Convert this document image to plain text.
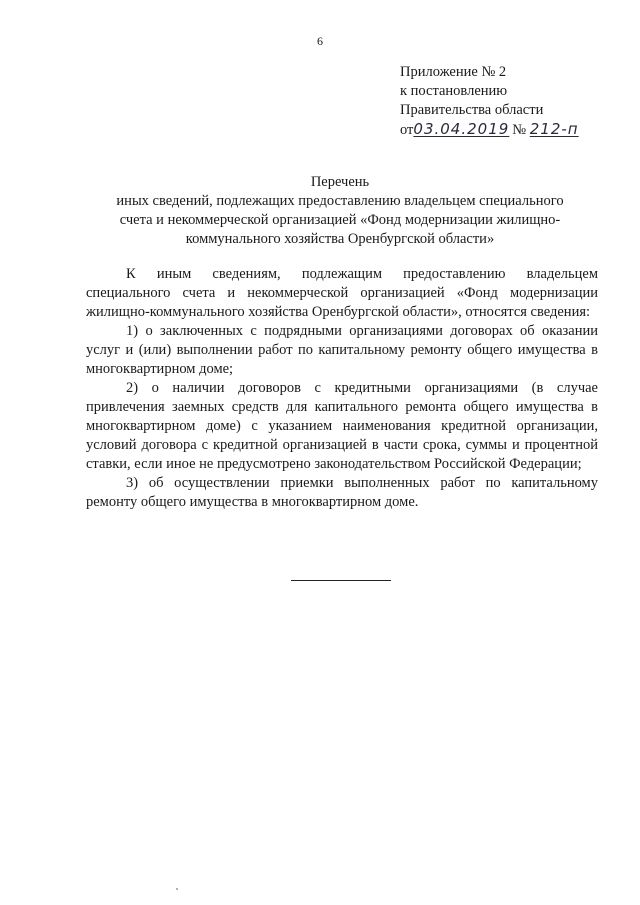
6
Приложение № 2
к постановлению
Правительства области
от03.04.2019 № 212-п
Перечень
иных сведений, подлежащих предоставлению владельцем специального
счета и некоммерческой организацией «Фонд модернизации жилищно-
коммунального хозяйства Оренбургской области»

К иным сведениям, подлежащим предоставлению владельцем специального счета и некоммерческой организацией «Фонд модернизации жилищно-коммунального хозяйства Оренбургской области», относятся сведения:

1) о заключенных с подрядными организациями договорах об оказании услуг и (или) выполнении работ по капитальному ремонту общего имущества в многоквартирном доме;

2) о наличии договоров с кредитными организациями (в случае привлечения заемных средств для капитального ремонта общего имущества в многоквартирном доме) с указанием наименования кредитной организации, условий договора с кредитной организацией в части срока, суммы и процентной ставки, если иное не предусмотрено законодательством Российской Федерации;

3) об осуществлении приемки выполненных работ по капитальному ремонту общего имущества в многоквартирном доме.
